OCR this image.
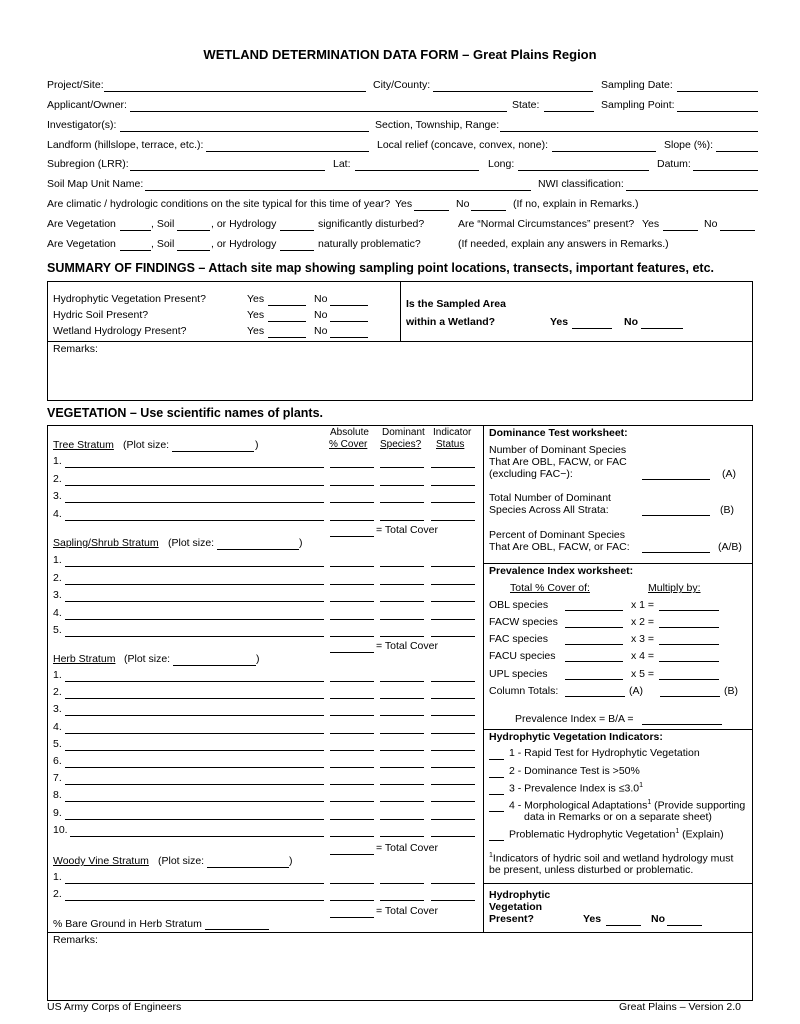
WETLAND DETERMINATION DATA FORM – Great Plains Region
Project/Site:	City/County:	Sampling Date:
Applicant/Owner:	State:	Sampling Point:
Investigator(s):	Section, Township, Range:
Landform (hillslope, terrace, etc.):	Local relief (concave, convex, none):	Slope (%):
Subregion (LRR):	Lat:	Long:	Datum:
Soil Map Unit Name:	NWI classification:
Are climatic / hydrologic conditions on the site typical for this time of year? Yes	No	(If no, explain in Remarks.)
Are Vegetation	, Soil	, or Hydrology	significantly disturbed?	Are “Normal Circumstances” present? Yes	No
Are Vegetation	, Soil	, or Hydrology	naturally problematic?	(If needed, explain any answers in Remarks.)
SUMMARY OF FINDINGS – Attach site map showing sampling point locations, transects, important features, etc.
Hydrophytic Vegetation Present?	Yes	No
Hydric Soil Present?	Yes	No
Wetland Hydrology Present?	Yes	No
Is the Sampled Area
within a Wetland?	Yes	No
Remarks:
VEGETATION – Use scientific names of plants.
Absolute
% Cover
Dominant
Species?
Indicator
Status
Tree Stratum (Plot size:	)
1.
2.
3.
4.
= Total Cover
Sapling/Shrub Stratum (Plot size:	)
1.
2.
3.
4.
5.
= Total Cover
Herb Stratum (Plot size:	)
1.
2.
3.
4.
5.
6.
7.
8.
9.
10.
= Total Cover
Woody Vine Stratum (Plot size:	)
1.
2.
= Total Cover
% Bare Ground in Herb Stratum
Remarks:
Dominance Test worksheet:
Number of Dominant Species
That Are OBL, FACW, or FAC
(excluding FAC−):	(A)
Total Number of Dominant
Species Across All Strata:	(B)
Percent of Dominant Species
That Are OBL, FACW, or FAC:	(A/B)
Prevalence Index worksheet:
Total % Cover of:	Multiply by:
OBL species	x 1 =
FACW species	x 2 =
FAC species	x 3 =
FACU species	x 4 =
UPL species	x 5 =
Column Totals:	(A)	(B)
Prevalence Index = B/A =
Hydrophytic Vegetation Indicators:
1 - Rapid Test for Hydrophytic Vegetation
2 - Dominance Test is >50%
3 - Prevalence Index is $\le 3.0^1$
4 - Morphological Adaptations$^1$ (Provide supporting
data in Remarks or on a separate sheet)
Problematic Hydrophytic Vegetation$^1$ (Explain)
$^1$Indicators of hydric soil and wetland hydrology must
be present, unless disturbed or problematic.
Hydrophytic
Vegetation
Present?	Yes	No
US Army Corps of Engineers	Great Plains – Version 2.0
